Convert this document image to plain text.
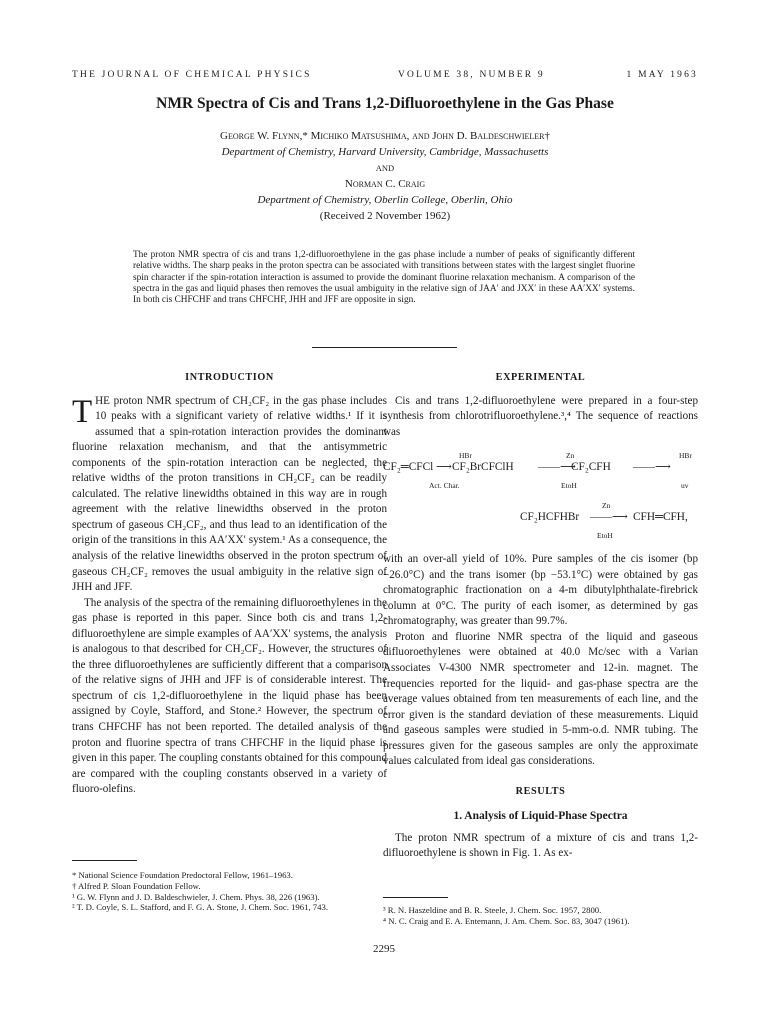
THE JOURNAL OF CHEMICAL PHYSICS	VOLUME 38, NUMBER 9	1 MAY 1963
NMR Spectra of Cis and Trans 1,2-Difluoroethylene in the Gas Phase
George W. Flynn,* Michiko Matsushima, and John D. Baldeschwieler†
Department of Chemistry, Harvard University, Cambridge, Massachusetts
AND
Norman C. Craig
Department of Chemistry, Oberlin College, Oberlin, Ohio
(Received 2 November 1962)

The proton NMR spectra of cis and trans 1,2-difluoroethylene in the gas phase include a number of peaks of significantly different relative widths. The sharp peaks in the proton spectra can be associated with transitions between states with the largest singlet fluorine spin character if the spin-rotation interaction is assumed to provide the dominant fluorine relaxation mechanism. A comparison of the spectra in the gas and liquid phases then removes the usual ambiguity in the relative sign of JAA′ and JXX′ in these AA′XX′ systems. In both cis CHFCHF and trans CHFCHF, JHH and JFF are opposite in sign.

INTRODUCTION

THE proton NMR spectrum of CH₂CF₂ in the gas phase includes 10 peaks with a significant variety of relative widths.¹ If it is assumed that a spin-rotation interaction provides the dominant fluorine relaxation mechanism, and that the antisymmetric components of the spin-rotation interaction can be neglected, the relative widths of the proton transitions in CH₂CF₂ can be readily calculated. The relative linewidths obtained in this way are in rough agreement with the relative linewidths observed in the proton spectrum of gaseous CH₂CF₂, and thus lead to an identification of the origin of the transitions in this AA′XX′ system.¹ As a consequence, the analysis of the relative linewidths observed in the proton spectrum of gaseous CH₂CF₂ removes the usual ambiguity in the relative sign of JHH and JFF.

The analysis of the spectra of the remaining difluoroethylenes in the gas phase is reported in this paper. Since both cis and trans 1,2-difluoroethylene are simple examples of AA′XX′ systems, the analysis is analogous to that described for CH₂CF₂. However, the structures of the three difluoroethylenes are sufficiently different that a comparison of the relative signs of JHH and JFF is of considerable interest. The spectrum of cis 1,2-difluoroethylene in the liquid phase has been assigned by Coyle, Stafford, and Stone.² However, the spectrum of trans CHFCHF has not been reported. The detailed analysis of the proton and fluorine spectra of trans CHFCHF in the liquid phase is given in this paper. The coupling constants obtained for this compound are compared with the coupling constants observed in a variety of fluoro-olefins.

* National Science Foundation Predoctoral Fellow, 1961–1963.
† Alfred P. Sloan Foundation Fellow.
¹ G. W. Flynn and J. D. Baldeschwieler, J. Chem. Phys. 38, 226 (1963).
² T. D. Coyle, S. L. Stafford, and F. G. A. Stone, J. Chem. Soc. 1961, 743.
EXPERIMENTAL

Cis and trans 1,2-difluoroethylene were prepared in a four-step synthesis from chlorotrifluoroethylene.³,⁴ The sequence of reactions was

HBr	Zn	HBr
CF₂═CFCl ⟶ CF₂BrCFClH ——⟶
CF₂CFH ——⟶
Act. Char.	EtoH	uv
Zn
CF₂HCFHBr ——⟶ CFH═CFH,
EtoH

with an over-all yield of 10%. Pure samples of the cis isomer (bp −26.0°C) and the trans isomer (bp −53.1°C) were obtained by gas chromatographic fractionation on a 4-m dibutylphthalate-firebrick column at 0°C. The purity of each isomer, as determined by gas chromatography, was greater than 99.7%.

Proton and fluorine NMR spectra of the liquid and gaseous difluoroethylenes were obtained at 40.0 Mc/sec with a Varian Associates V-4300 NMR spectrometer and 12-in. magnet. The frequencies reported for the liquid- and gas-phase spectra are the average values obtained from ten measurements of each line, and the error given is the standard deviation of these measurements. Liquid and gaseous samples were studied in 5-mm-o.d. NMR tubing. The pressures given for the gaseous samples are only the approximate values calculated from ideal gas considerations.

RESULTS
1. Analysis of Liquid-Phase Spectra

The proton NMR spectrum of a mixture of cis and trans 1,2-difluoroethylene is shown in Fig. 1. As ex-

³ R. N. Haszeldine and B. R. Steele, J. Chem. Soc. 1957, 2800.
⁴ N. C. Craig and E. A. Entemann, J. Am. Chem. Soc. 83, 3047 (1961).
2295
